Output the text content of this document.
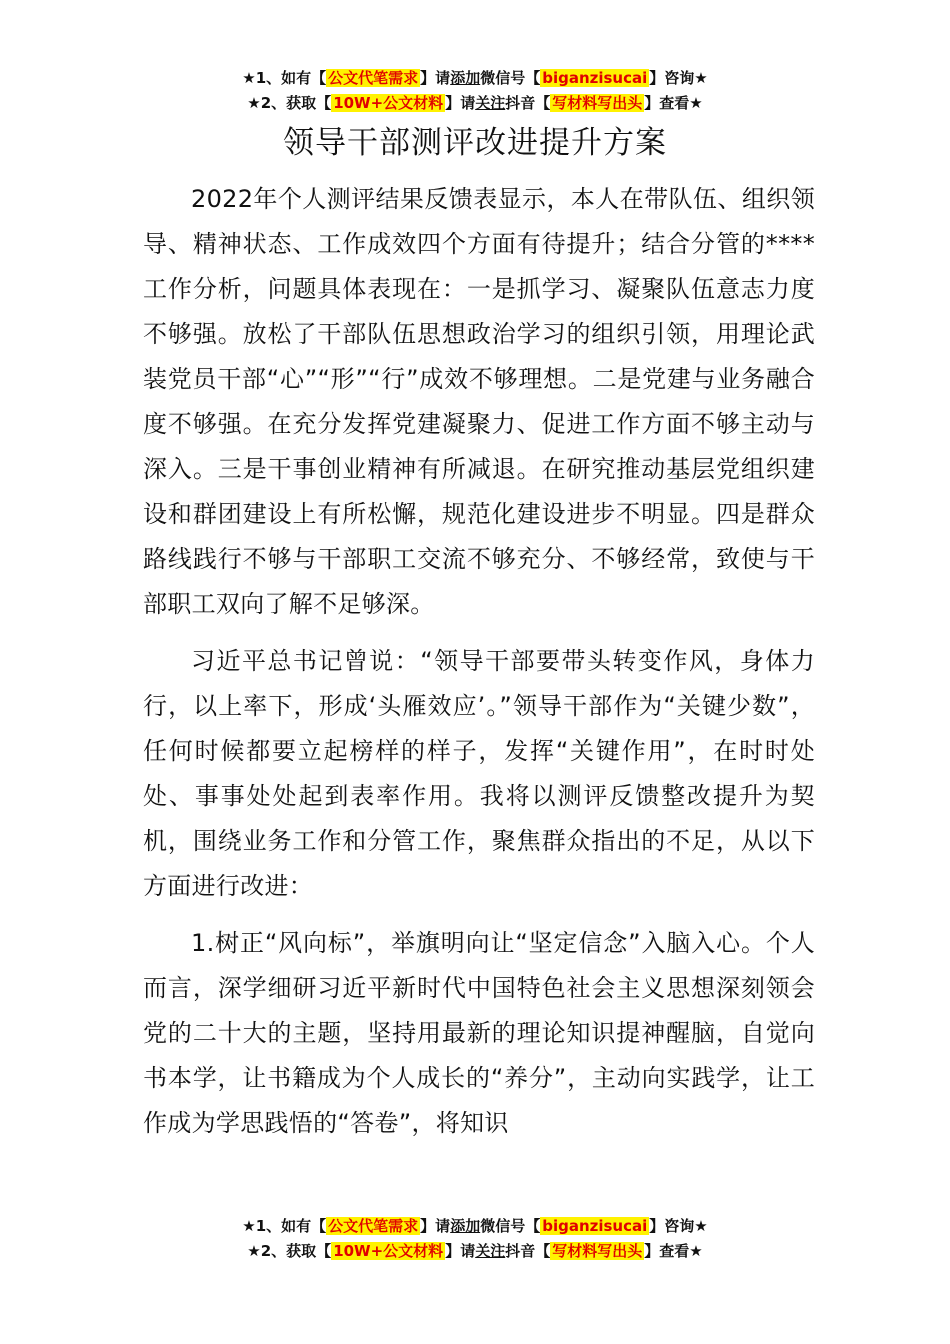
★1、如有【 公文代笔需求 】请添加微信号【 biganzisucai 】咨询★
★2、获取【 10W+公文材料 】请关注抖音【 写材料写出头 】查看★
领导干部测评改进提升方案

2022年个人测评结果反馈表显示，本人在带队伍、组织领导、精神状态、工作成效四个方面有待提升；结合分管的****工作分析，问题具体表现在：一是抓学习、凝聚队伍意志力度不够强。放松了干部队伍思想政治学习的组织引领，用理论武装党员干部“心”“形”“行”成效不够理想。二是党建与业务融合度不够强。在充分发挥党建凝聚力、促进工作方面不够主动与深入。三是干事创业精神有所减退。在研究推动基层党组织建设和群团建设上有所松懈，规范化建设进步不明显。四是群众路线践行不够与干部职工交流不够充分、不够经常，致使与干部职工双向了解不足够深。

习近平总书记曾说：“领导干部要带头转变作风，身体力行，以上率下，形成‘头雁效应’。”领导干部作为“关键少数”，任何时候都要立起榜样的样子，发挥“关键作用”，在时时处处、事事处处起到表率作用。我将以测评反馈整改提升为契机，围绕业务工作和分管工作，聚焦群众指出的不足，从以下方面进行改进：

1.树正“风向标”，举旗明向让“坚定信念”入脑入心。个人而言，深学细研习近平新时代中国特色社会主义思想深刻领会党的二十大的主题，坚持用最新的理论知识提神醒脑，自觉向书本学，让书籍成为个人成长的“养分”，主动向实践学，让工作成为学思践悟的“答卷”，将知识

★1、如有【 公文代笔需求 】请添加微信号【 biganzisucai 】咨询★
★2、获取【 10W+公文材料 】请关注抖音【 写材料写出头 】查看★
